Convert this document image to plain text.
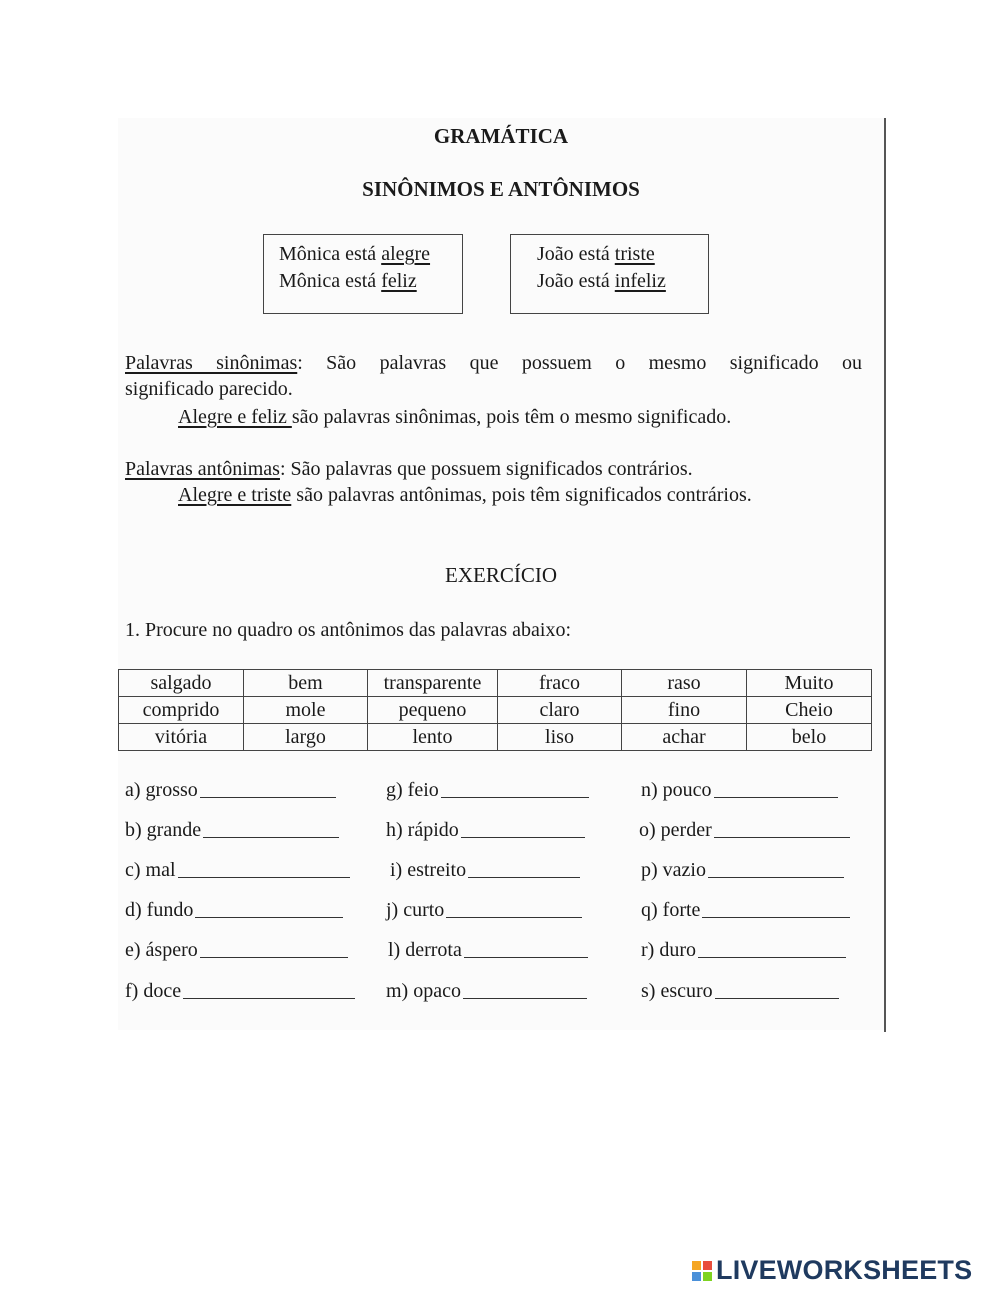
GRAMÁTICA
SINÔNIMOS E ANTÔNIMOS
Mônica está alegre
Mônica está feliz
João está triste
João está infeliz
Palavras sinônimas: São palavras que possuem o mesmo significado ou
significado parecido.
Alegre e feliz são palavras sinônimas, pois têm o mesmo significado.
Palavras antônimas: São palavras que possuem significados contrários.
Alegre e triste são palavras antônimas, pois têm significados contrários.
EXERCÍCIO
1. Procure no quadro os antônimos das palavras abaixo:
salgado	bem	transparente	fraco	raso	Muito
comprido	mole	pequeno	claro	fino	Cheio
vitória	largo	lento	liso	achar	belo
a) grosso
b) grande
c) mal
d) fundo
e) áspero
f) doce
g) feio
h) rápido
i) estreito
j) curto
l) derrota
m) opaco
n) pouco
o) perder
p) vazio
q) forte
r) duro
s) escuro
LIVEWORKSHEETS
